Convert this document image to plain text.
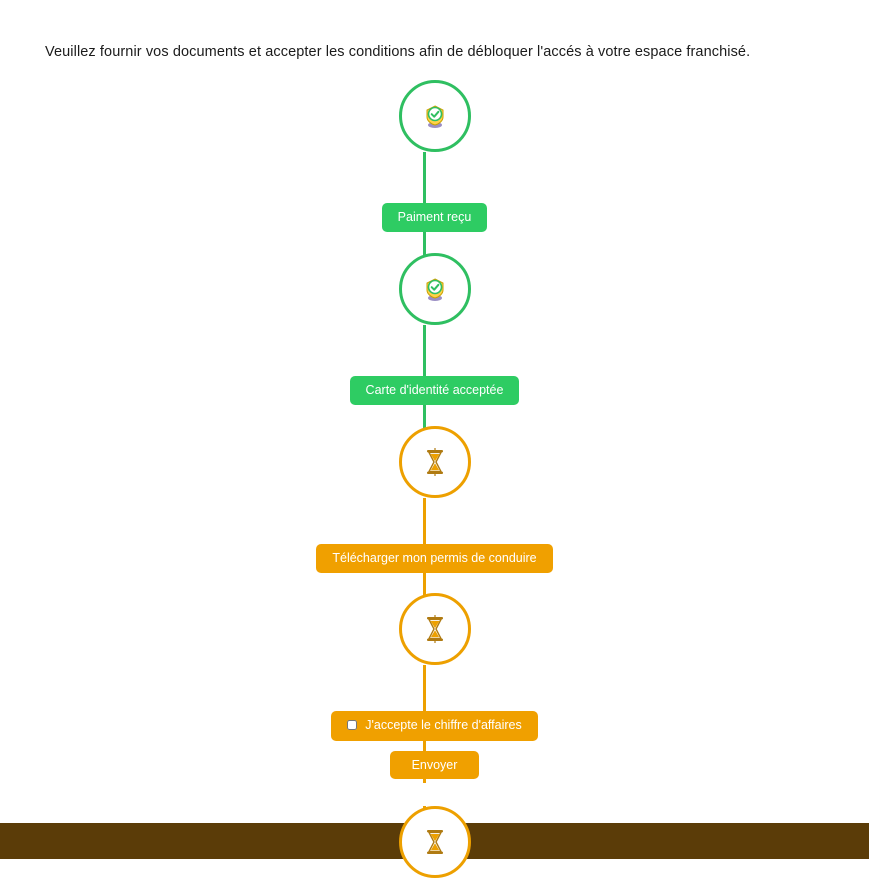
Veuillez fournir vos documents et accepter les conditions afin de débloquer l'accés à votre espace franchisé.
Paiment reçu
Carte d'identité acceptée
Télécharger mon permis de conduire
J'accepte le chiffre d'affaires
Envoyer
